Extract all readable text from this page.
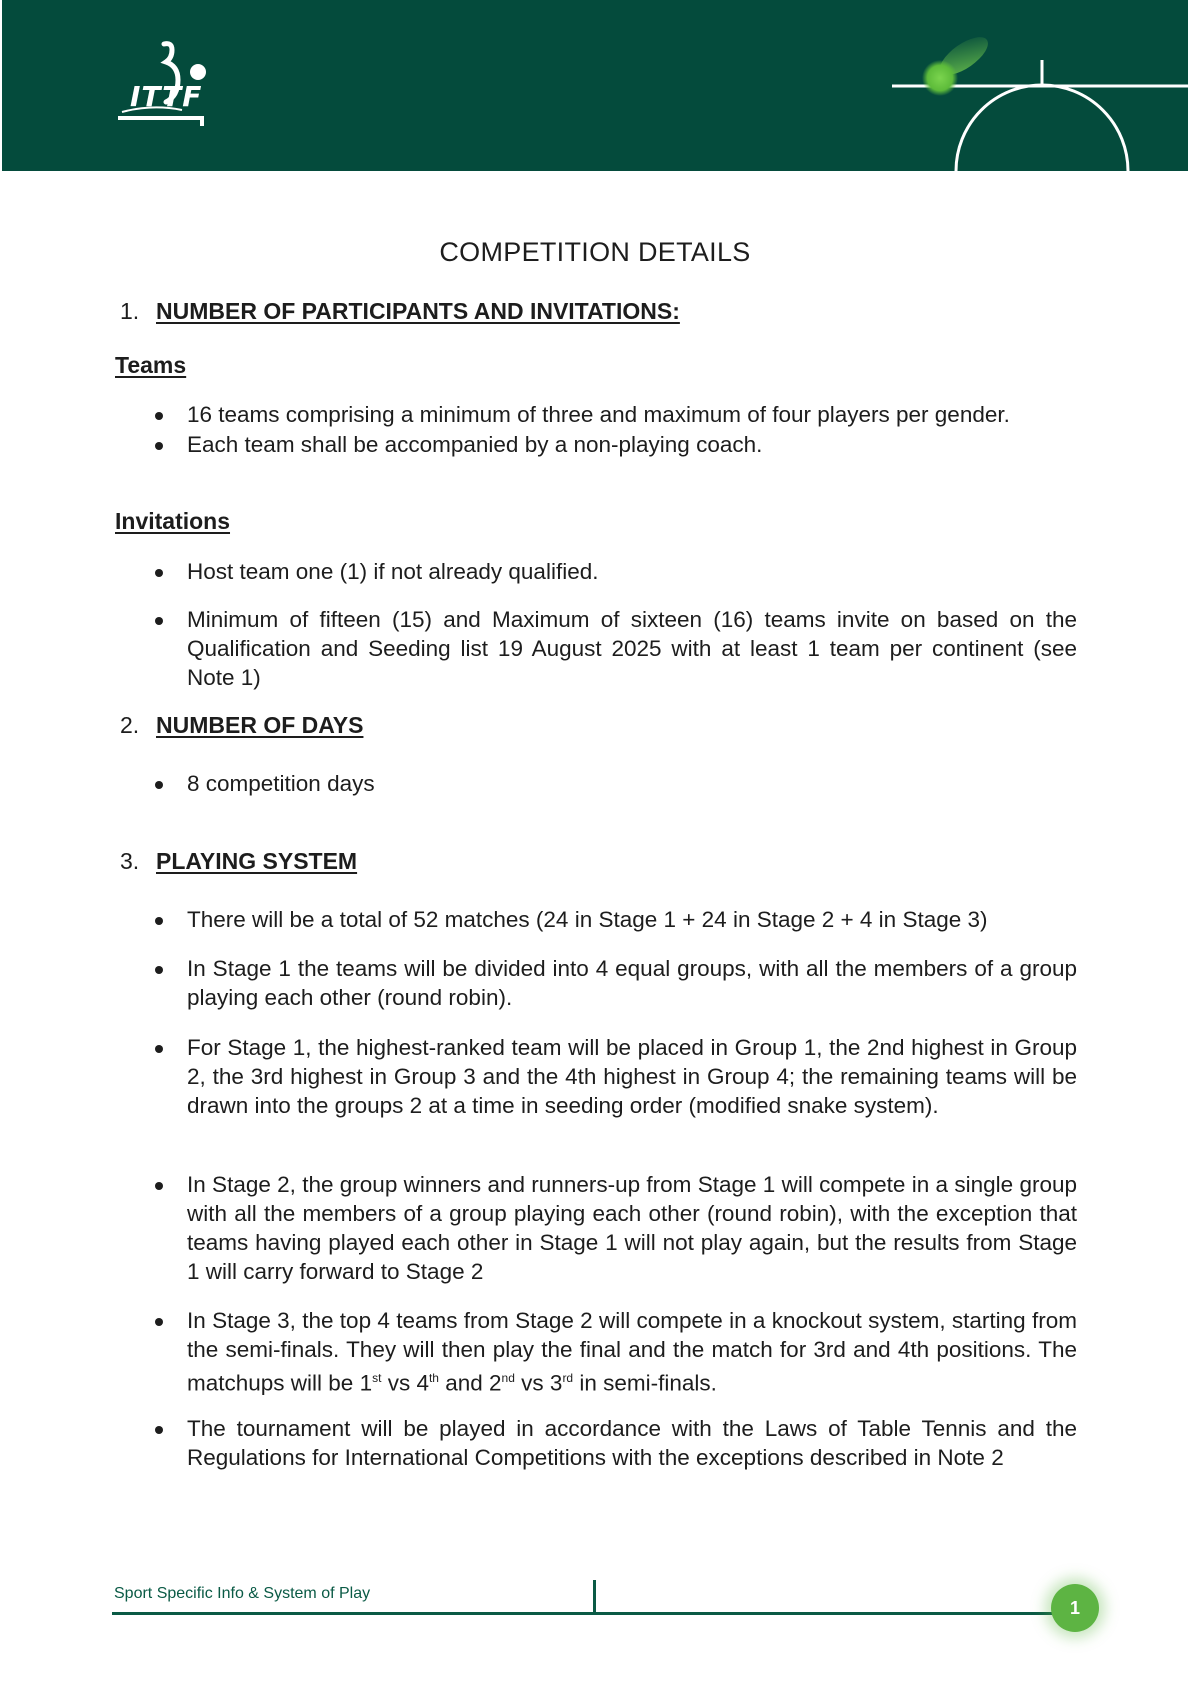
ITTF
COMPETITION DETAILS
1. NUMBER OF PARTICIPANTS AND INVITATIONS:
Teams
16 teams comprising a minimum of three and maximum of four players per gender.
Each team shall be accompanied by a non-playing coach.
Invitations
Host team one (1) if not already qualified.
Minimum of fifteen (15) and Maximum of sixteen (16) teams invite on based on the Qualification and Seeding list 19 August 2025 with at least 1 team per continent (see Note 1)
2. NUMBER OF DAYS
8 competition days
3. PLAYING SYSTEM
There will be a total of 52 matches (24 in Stage 1 + 24 in Stage 2 + 4 in Stage 3)
In Stage 1 the teams will be divided into 4 equal groups, with all the members of a group playing each other (round robin).
For Stage 1, the highest-ranked team will be placed in Group 1, the 2nd highest in Group 2, the 3rd highest in Group 3 and the 4th highest in Group 4; the remaining teams will be drawn into the groups 2 at a time in seeding order (modified snake system).
In Stage 2, the group winners and runners-up from Stage 1 will compete in a single group with all the members of a group playing each other (round robin), with the exception that teams having played each other in Stage 1 will not play again, but the results from Stage 1 will carry forward to Stage 2
In Stage 3, the top 4 teams from Stage 2 will compete in a knockout system, starting from the semi-finals. They will then play the final and the match for 3rd and 4th positions. The matchups will be 1st vs 4th and 2nd vs 3rd in semi-finals.
The tournament will be played in accordance with the Laws of Table Tennis and the Regulations for International Competitions with the exceptions described in Note 2
Sport Specific Info & System of Play
1
